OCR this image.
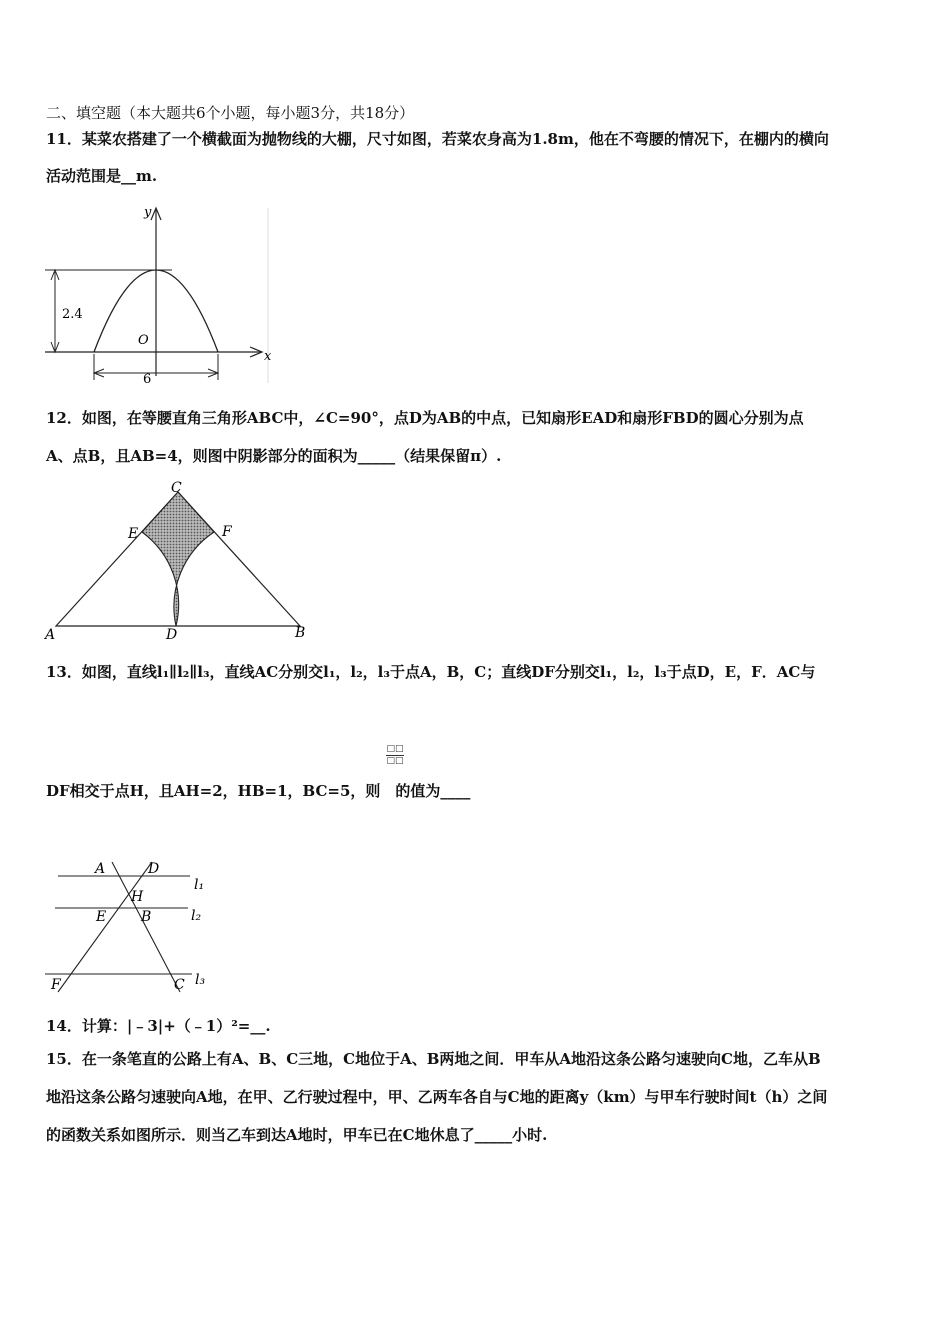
二、填空题（本大题共6个小题，每小题3分，共18分）
11．某菜农搭建了一个横截面为抛物线的大棚，尺寸如图，若菜农身高为1.8m，他在不弯腰的情况下，在棚内的横向
活动范围是__m.
y
x
O
2.4
6
12．如图，在等腰直角三角形ABC中，∠C=90°，点D为AB的中点，已知扇形EAD和扇形FBD的圆心分别为点
A、点B，且AB=4，则图中阴影部分的面积为_____（结果保留π）.
C
E	F
A	D	B
13．如图，直线l₁∥l₂∥l₃，直线AC分别交l₁，l₂，l₃于点A，B，C；直线DF分别交l₁，l₂，l₃于点D，E，F．AC与
□□
□□
DF相交于点H，且AH=2，HB=1，BC=5，则　的值为____
A	D
H
E B
F	C
l₁
l₂
l₃
14．计算：|﹣3|+（﹣1）²=__.
15．在一条笔直的公路上有A、B、C三地，C地位于A、B两地之间．甲车从A地沿这条公路匀速驶向C地，乙车从B
地沿这条公路匀速驶向A地，在甲、乙行驶过程中，甲、乙两车各自与C地的距离y（km）与甲车行驶时间t（h）之间
的函数关系如图所示．则当乙车到达A地时，甲车已在C地休息了_____小时.
